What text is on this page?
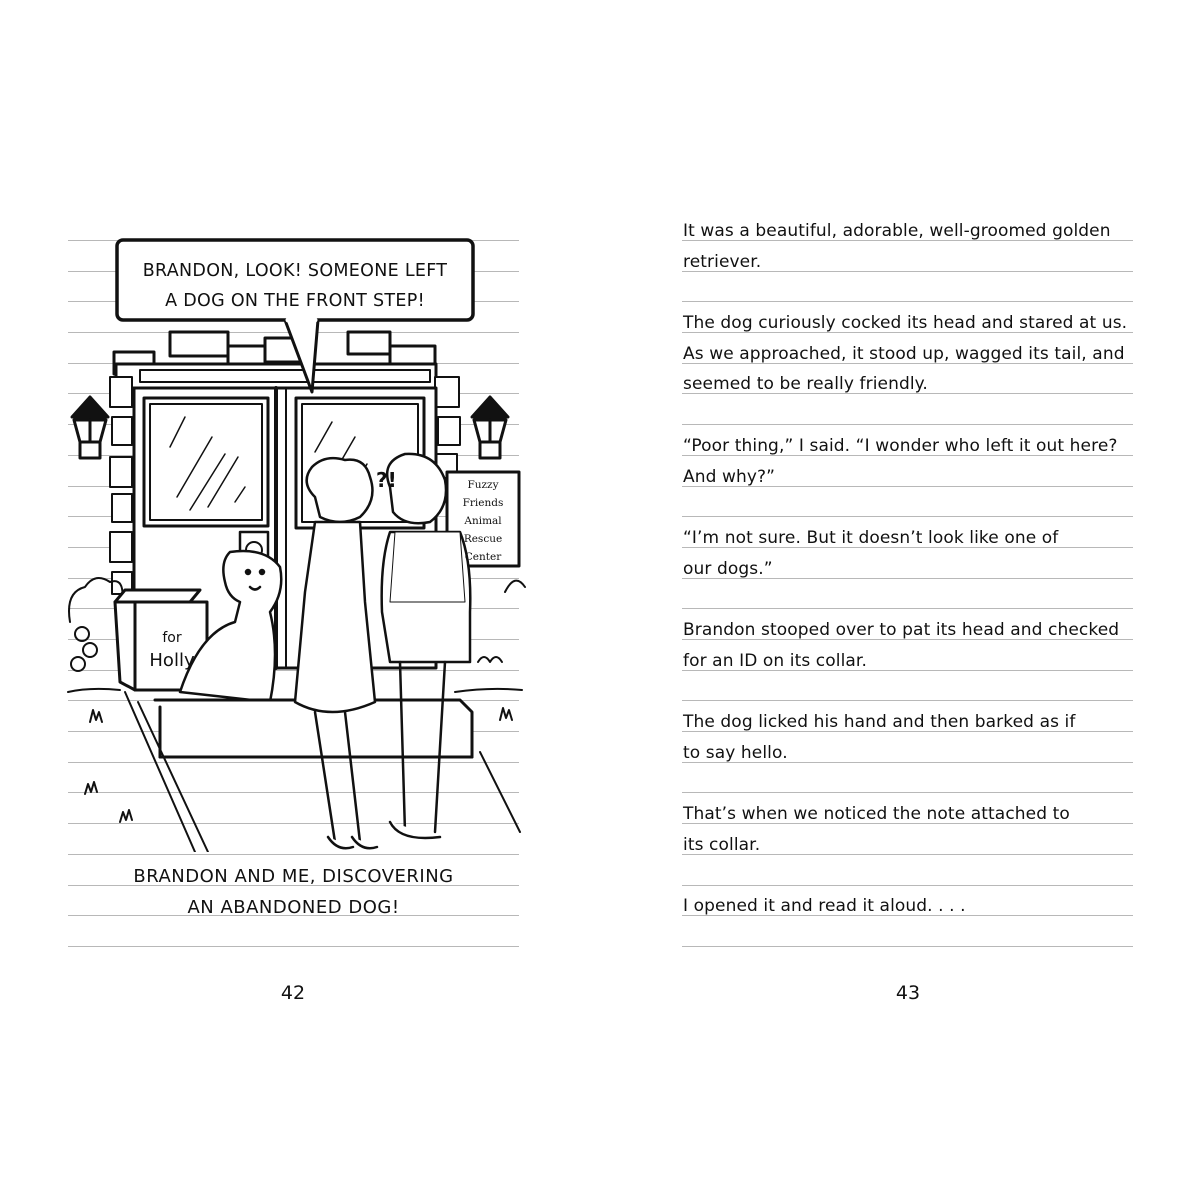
BRANDON, LOOK! SOMEONE LEFT
A DOG ON THE FRONT STEP!
?!	Fuzzy
Friends
Animal
Rescue
Center
for
Holly
BRANDON AND ME, DISCOVERING
AN ABANDONED DOG!
42
It was a beautiful, adorable, well-groomed golden
retriever.
The dog curiously cocked its head and stared at us.
As we approached, it stood up, wagged its tail, and
seemed to be really friendly.
“Poor thing,” I said. “I wonder who left it out here?
And why?”
“I’m not sure. But it doesn’t look like one of
our dogs.”
Brandon stooped over to pat its head and checked
for an ID on its collar.
The dog licked his hand and then barked as if
to say hello.
That’s when we noticed the note attached to
its collar.
I opened it and read it aloud. . . .
43
